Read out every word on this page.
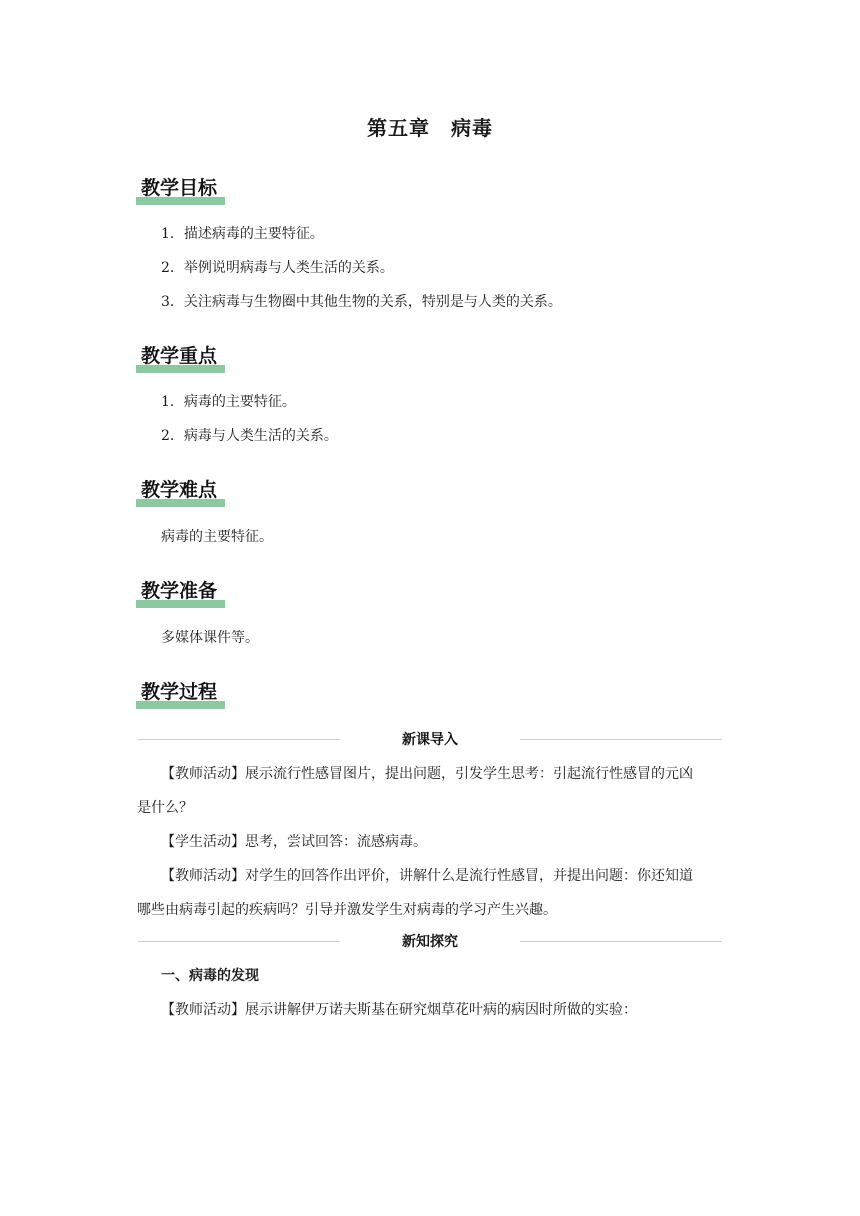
第五章　病毒
教学目标
1．描述病毒的主要特征。
2．举例说明病毒与人类生活的关系。
3．关注病毒与生物圈中其他生物的关系，特别是与人类的关系。
教学重点
1．病毒的主要特征。
2．病毒与人类生活的关系。
教学难点
病毒的主要特征。
教学准备
多媒体课件等。
教学过程
新课导入
【教师活动】展示流行性感冒图片，提出问题，引发学生思考：引起流行性感冒的元凶
是什么？
【学生活动】思考，尝试回答：流感病毒。
【教师活动】对学生的回答作出评价，讲解什么是流行性感冒，并提出问题：你还知道
哪些由病毒引起的疾病吗？引导并激发学生对病毒的学习产生兴趣。
新知探究
一、病毒的发现
【教师活动】展示讲解伊万诺夫斯基在研究烟草花叶病的病因时所做的实验：
